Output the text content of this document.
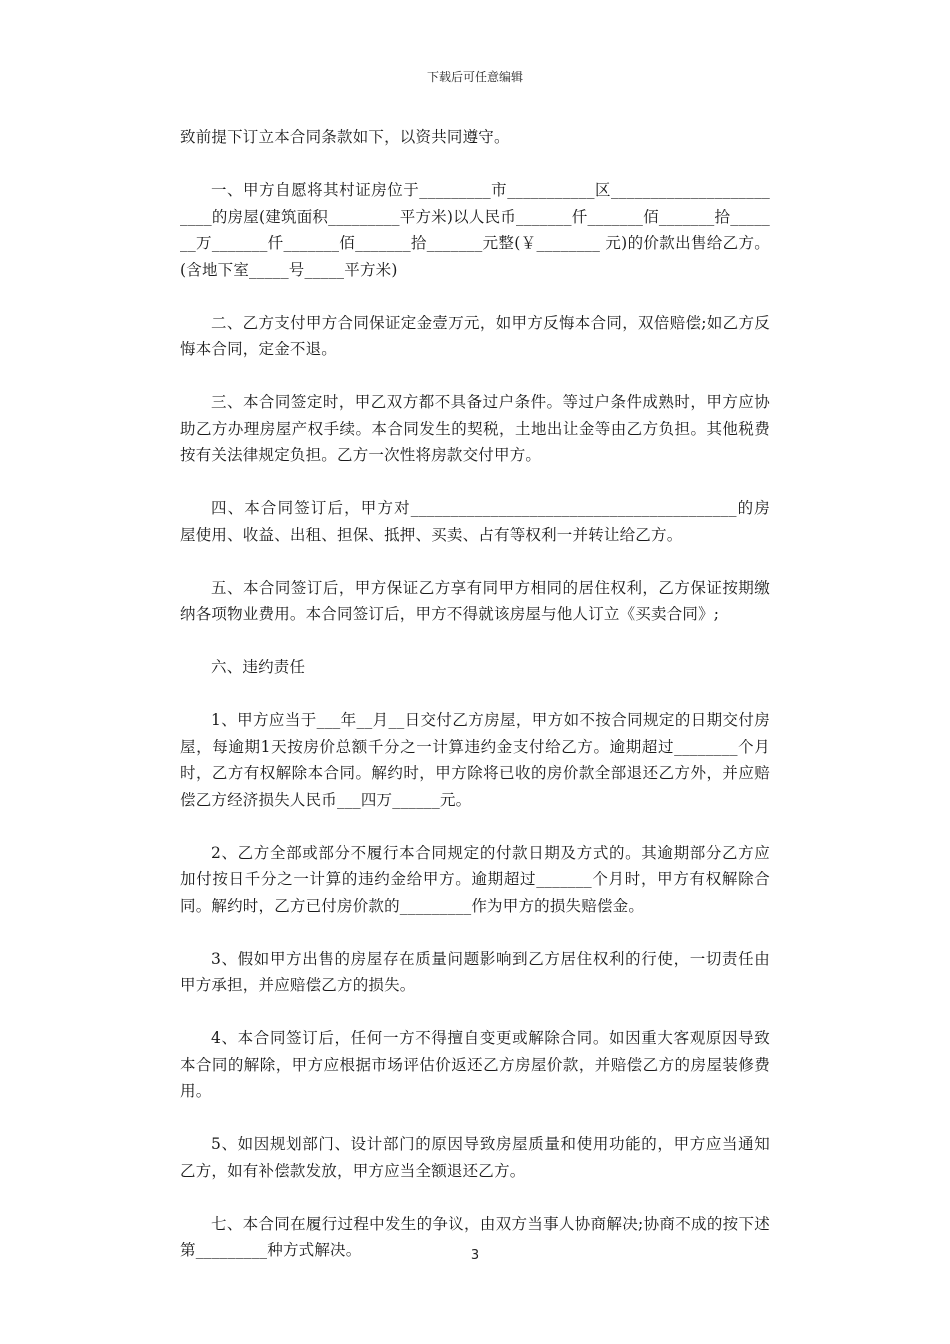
下载后可任意编辑

致前提下订立本合同条款如下，以资共同遵守。

一、甲方自愿将其村证房位于_________市___________区________________________的房屋(建筑面积_________平方米)以人民币_______仟_______佰_______拾_______万_______仟_______佰_______拾_______元整(￥________ 元)的价款出售给乙方。(含地下室_____号_____平方米)

二、乙方支付甲方合同保证定金壹万元，如甲方反悔本合同，双倍赔偿;如乙方反悔本合同，定金不退。

三、本合同签定时，甲乙双方都不具备过户条件。等过户条件成熟时，甲方应协助乙方办理房屋产权手续。本合同发生的契税，土地出让金等由乙方负担。其他税费按有关法律规定负担。乙方一次性将房款交付甲方。

四、本合同签订后，甲方对_________________________________________的房屋使用、收益、出租、担保、抵押、买卖、占有等权利一并转让给乙方。

五、本合同签订后，甲方保证乙方享有同甲方相同的居住权利，乙方保证按期缴纳各项物业费用。本合同签订后，甲方不得就该房屋与他人订立《买卖合同》;

六、违约责任

1、甲方应当于___年__月__日交付乙方房屋，甲方如不按合同规定的日期交付房屋，每逾期1天按房价总额千分之一计算违约金支付给乙方。逾期超过________个月时，乙方有权解除本合同。解约时，甲方除将已收的房价款全部退还乙方外，并应赔偿乙方经济损失人民币___四万______元。

2、乙方全部或部分不履行本合同规定的付款日期及方式的。其逾期部分乙方应加付按日千分之一计算的违约金给甲方。逾期超过_______个月时，甲方有权解除合同。解约时，乙方已付房价款的_________作为甲方的损失赔偿金。

3、假如甲方出售的房屋存在质量问题影响到乙方居住权利的行使，一切责任由甲方承担，并应赔偿乙方的损失。

4、本合同签订后，任何一方不得擅自变更或解除合同。如因重大客观原因导致本合同的解除，甲方应根据市场评估价返还乙方房屋价款，并赔偿乙方的房屋装修费用。

5、如因规划部门、设计部门的原因导致房屋质量和使用功能的，甲方应当通知乙方，如有补偿款发放，甲方应当全额退还乙方。

七、本合同在履行过程中发生的争议，由双方当事人协商解决;协商不成的按下述第_________种方式解决。	3
